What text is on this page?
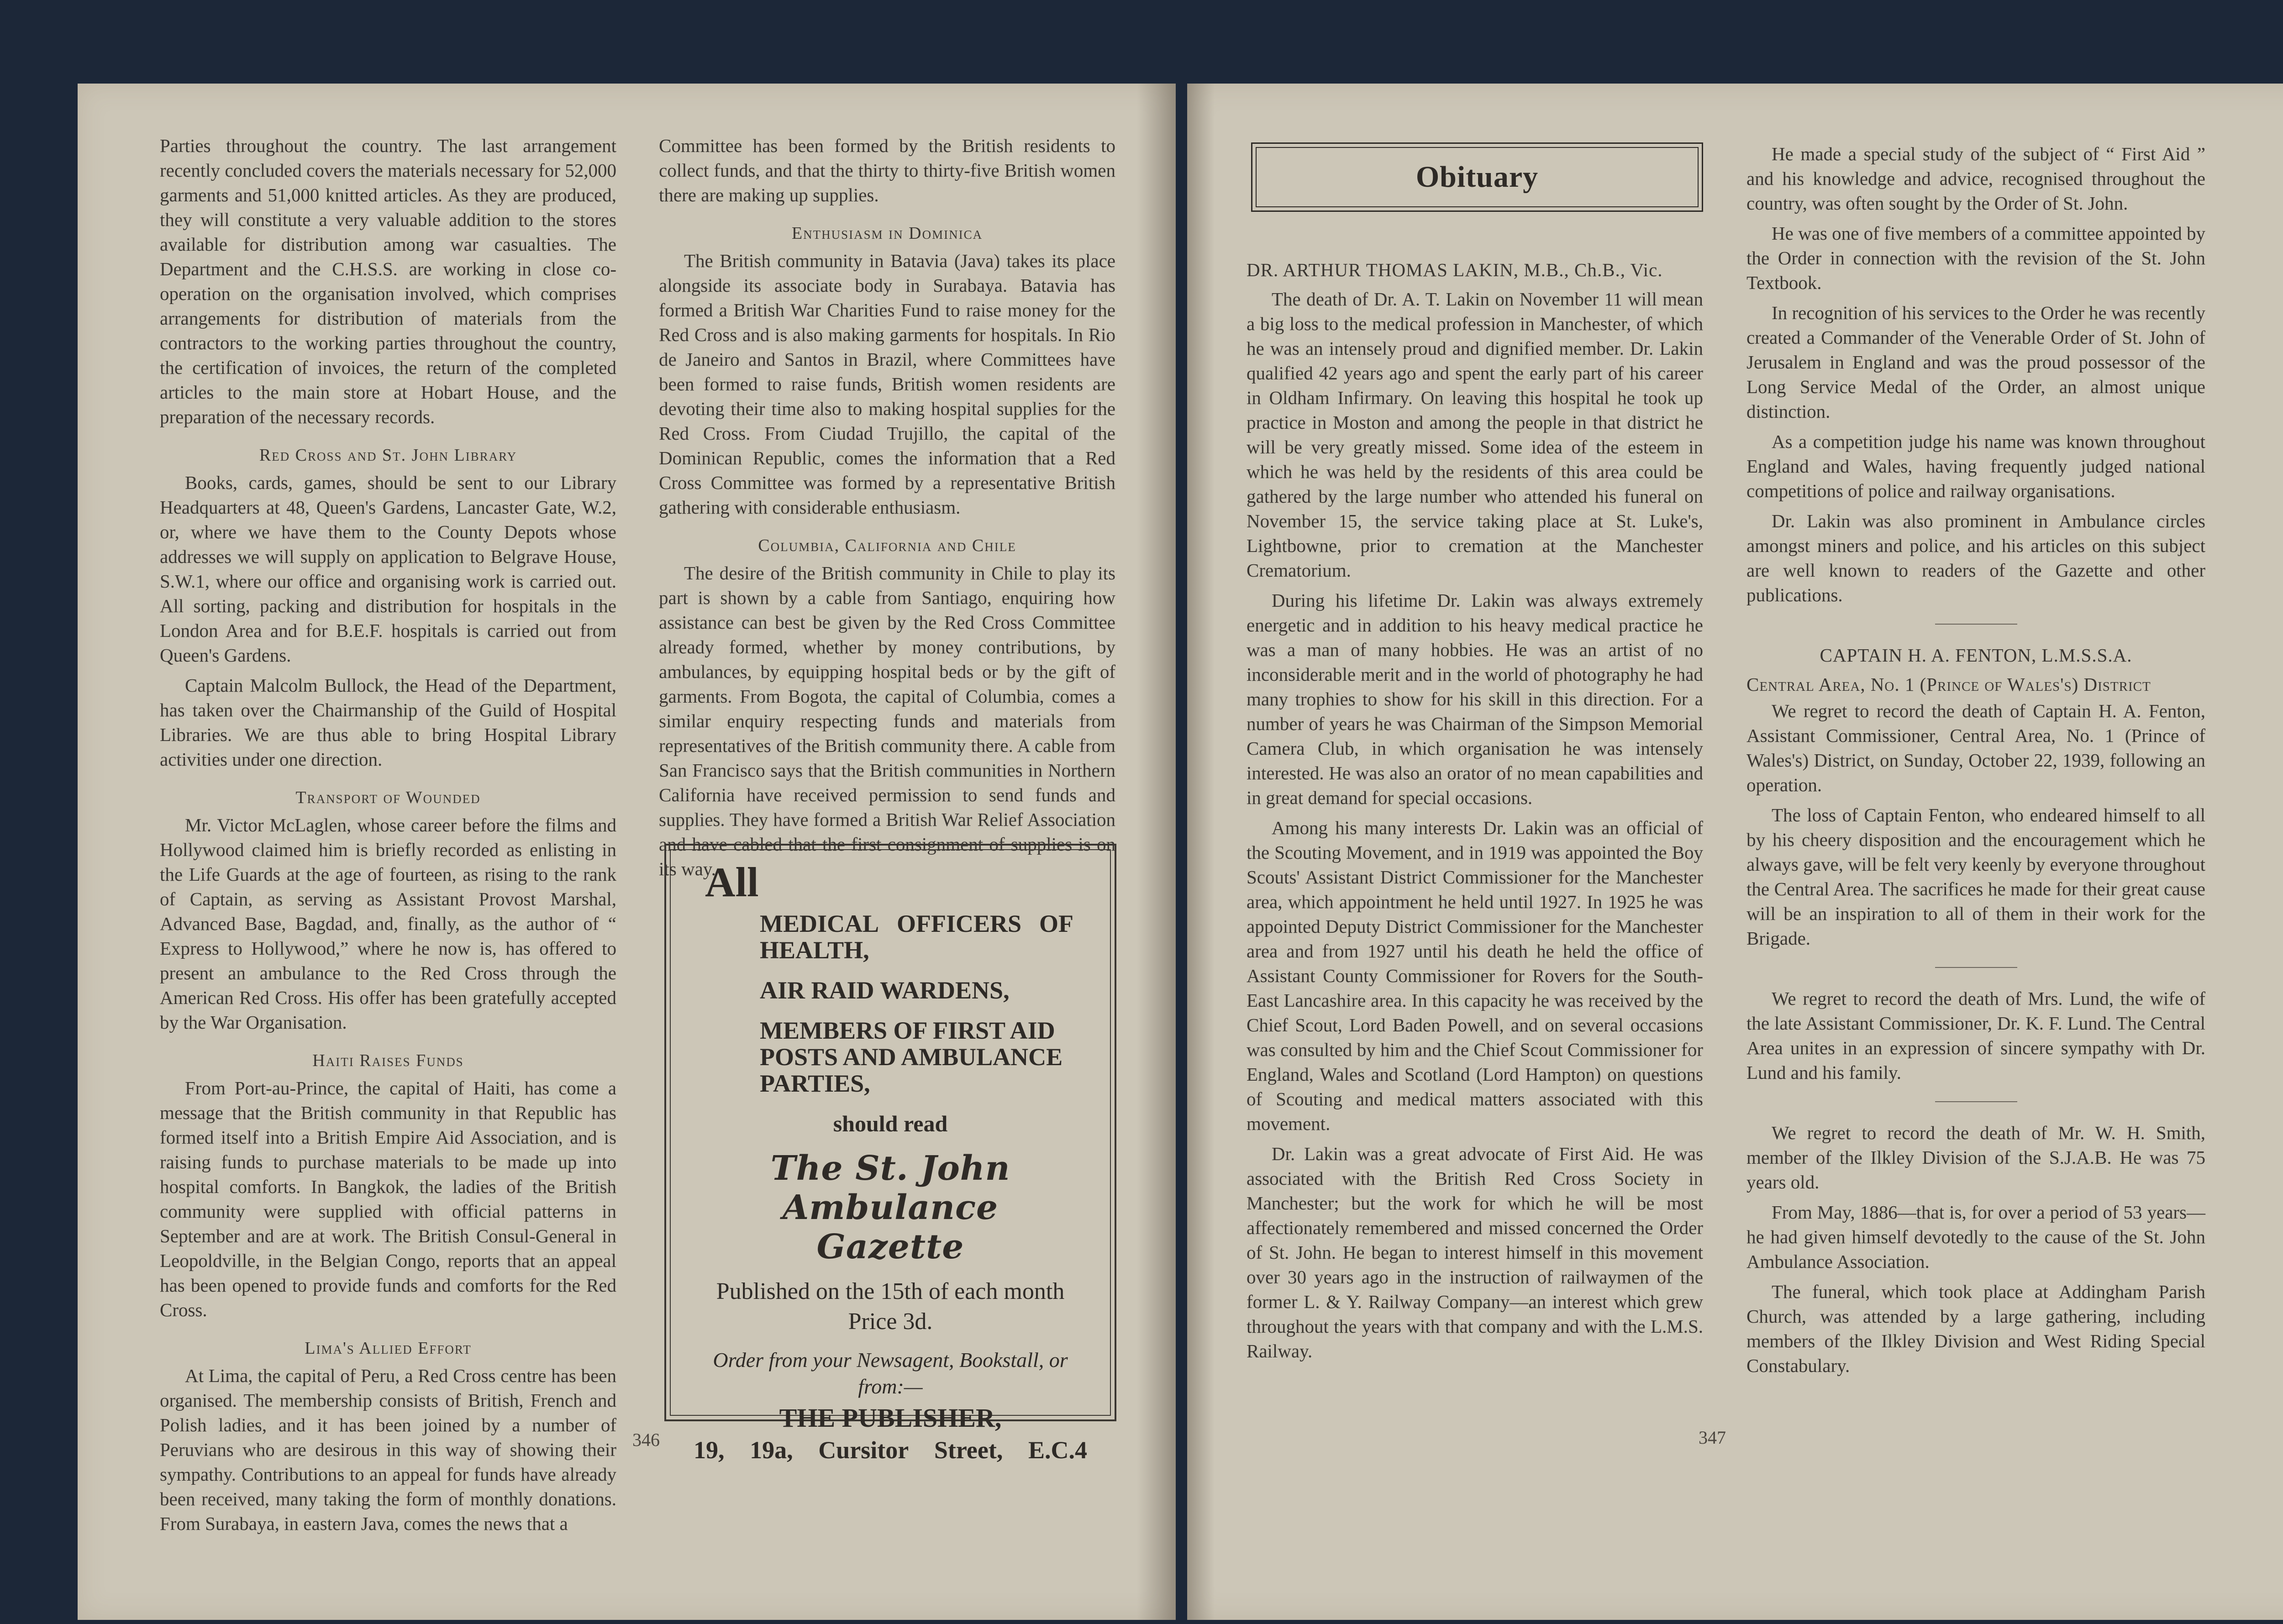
Parties throughout the country. The last arrangement recently concluded covers the materials necessary for 52,000 garments and 51,000 knitted articles. As they are produced, they will constitute a very valuable addition to the stores available for distribution among war casualties. The Department and the C.H.S.S. are working in close co-operation on the organisation involved, which comprises arrangements for distribution of materials from the contractors to the working parties throughout the country, the certification of invoices, the return of the completed articles to the main store at Hobart House, and the preparation of the necessary records.

Red Cross and St. John Library

Books, cards, games, should be sent to our Library Headquarters at 48, Queen's Gardens, Lancaster Gate, W.2, or, where we have them to the County Depots whose addresses we will supply on application to Belgrave House, S.W.1, where our office and organising work is carried out. All sorting, packing and distribution for hospitals in the London Area and for B.E.F. hospitals is carried out from Queen's Gardens.

Captain Malcolm Bullock, the Head of the Department, has taken over the Chairmanship of the Guild of Hospital Libraries. We are thus able to bring Hospital Library activities under one direction.

Transport of Wounded

Mr. Victor McLaglen, whose career before the films and Hollywood claimed him is briefly recorded as enlisting in the Life Guards at the age of fourteen, as rising to the rank of Captain, as serving as Assistant Provost Marshal, Advanced Base, Bagdad, and, finally, as the author of “ Express to Hollywood,” where he now is, has offered to present an ambulance to the Red Cross through the American Red Cross. His offer has been gratefully accepted by the War Organisation.

Haiti Raises Funds

From Port-au-Prince, the capital of Haiti, has come a message that the British community in that Republic has formed itself into a British Empire Aid Association, and is raising funds to purchase materials to be made up into hospital comforts. In Bangkok, the ladies of the British community were supplied with official patterns in September and are at work. The British Consul-General in Leopoldville, in the Belgian Congo, reports that an appeal has been opened to provide funds and comforts for the Red Cross.

Lima's Allied Effort

At Lima, the capital of Peru, a Red Cross centre has been organised. The membership consists of British, French and Polish ladies, and it has been joined by a number of Peruvians who are desirous in this way of showing their sympathy. Contributions to an appeal for funds have already been received, many taking the form of monthly donations. From Surabaya, in eastern Java, comes the news that a

Committee has been formed by the British residents to collect funds, and that the thirty to thirty-five British women there are making up supplies.

Enthusiasm in Dominica

The British community in Batavia (Java) takes its place alongside its associate body in Surabaya. Batavia has formed a British War Charities Fund to raise money for the Red Cross and is also making garments for hospitals. In Rio de Janeiro and Santos in Brazil, where Committees have been formed to raise funds, British women residents are devoting their time also to making hospital supplies for the Red Cross. From Ciudad Trujillo, the capital of the Dominican Republic, comes the information that a Red Cross Committee was formed by a representative British gathering with considerable enthusiasm.

Columbia, California and Chile

The desire of the British community in Chile to play its part is shown by a cable from Santiago, enquiring how assistance can best be given by the Red Cross Committee already formed, whether by money contributions, by ambulances, by equipping hospital beds or by the gift of garments. From Bogota, the capital of Columbia, comes a similar enquiry respecting funds and materials from representatives of the British community there. A cable from San Francisco says that the British communities in Northern California have received permission to send funds and supplies. They have formed a British War Relief Association and have cabled that the first consignment of supplies is on its way.

All
MEDICAL OFFICERS OF
HEALTH,
AIR RAID WARDENS,
MEMBERS OF FIRST AID
POSTS AND AMBULANCE
PARTIES,
should read
The St. John Ambulance
Gazette
Published on the 15th of each month
Price 3d.
Order from your Newsagent, Bookstall, or
from:—
THE PUBLISHER,
19, 19a, Cursitor Street, E.C.4
Obituary
DR. ARTHUR THOMAS LAKIN, M.B., Ch.B., Vic.

The death of Dr. A. T. Lakin on November 11 will mean a big loss to the medical profession in Manchester, of which he was an intensely proud and dignified member. Dr. Lakin qualified 42 years ago and spent the early part of his career in Oldham Infirmary. On leaving this hospital he took up practice in Moston and among the people in that district he will be very greatly missed. Some idea of the esteem in which he was held by the residents of this area could be gathered by the large number who attended his funeral on November 15, the service taking place at St. Luke's, Lightbowne, prior to cremation at the Manchester Crematorium.

During his lifetime Dr. Lakin was always extremely energetic and in addition to his heavy medical practice he was a man of many hobbies. He was an artist of no inconsiderable merit and in the world of photography he had many trophies to show for his skill in this direction. For a number of years he was Chairman of the Simpson Memorial Camera Club, in which organisation he was intensely interested. He was also an orator of no mean capabilities and in great demand for special occasions.

Among his many interests Dr. Lakin was an official of the Scouting Movement, and in 1919 was appointed the Boy Scouts' Assistant District Commissioner for the Manchester area, which appointment he held until 1927. In 1925 he was appointed Deputy District Commissioner for the Manchester area and from 1927 until his death he held the office of Assistant County Commissioner for Rovers for the South-East Lancashire area. In this capacity he was received by the Chief Scout, Lord Baden Powell, and on several occasions was consulted by him and the Chief Scout Commissioner for England, Wales and Scotland (Lord Hampton) on questions of Scouting and medical matters associated with this movement.

Dr. Lakin was a great advocate of First Aid. He was associated with the British Red Cross Society in Manchester; but the work for which he will be most affectionately remembered and missed concerned the Order of St. John. He began to interest himself in this movement over 30 years ago in the instruction of railwaymen of the former L. & Y. Railway Company—an interest which grew throughout the years with that company and with the L.M.S. Railway.

He made a special study of the subject of “ First Aid ” and his knowledge and advice, recognised throughout the country, was often sought by the Order of St. John.

He was one of five members of a committee appointed by the Order in connection with the revision of the St. John Textbook.

In recognition of his services to the Order he was recently created a Commander of the Venerable Order of St. John of Jerusalem in England and was the proud possessor of the Long Service Medal of the Order, an almost unique distinction.

As a competition judge his name was known throughout England and Wales, having frequently judged national competitions of police and railway organisations.

Dr. Lakin was also prominent in Ambulance circles amongst miners and police, and his articles on this subject are well known to readers of the Gazette and other publications.

CAPTAIN H. A. FENTON, L.M.S.S.A.

Central Area, No. 1 (Prince of Wales's) District

We regret to record the death of Captain H. A. Fenton, Assistant Commissioner, Central Area, No. 1 (Prince of Wales's) District, on Sunday, October 22, 1939, following an operation.

The loss of Captain Fenton, who endeared himself to all by his cheery disposition and the encouragement which he always gave, will be felt very keenly by everyone throughout the Central Area. The sacrifices he made for their great cause will be an inspiration to all of them in their work for the Brigade.

We regret to record the death of Mrs. Lund, the wife of the late Assistant Commissioner, Dr. K. F. Lund. The Central Area unites in an expression of sincere sympathy with Dr. Lund and his family.

We regret to record the death of Mr. W. H. Smith, member of the Ilkley Division of the S.J.A.B. He was 75 years old.

From May, 1886—that is, for over a period of 53 years—he had given himself devotedly to the cause of the St. John Ambulance Association.

The funeral, which took place at Addingham Parish Church, was attended by a large gathering, including members of the Ilkley Division and West Riding Special Constabulary.

346	347
